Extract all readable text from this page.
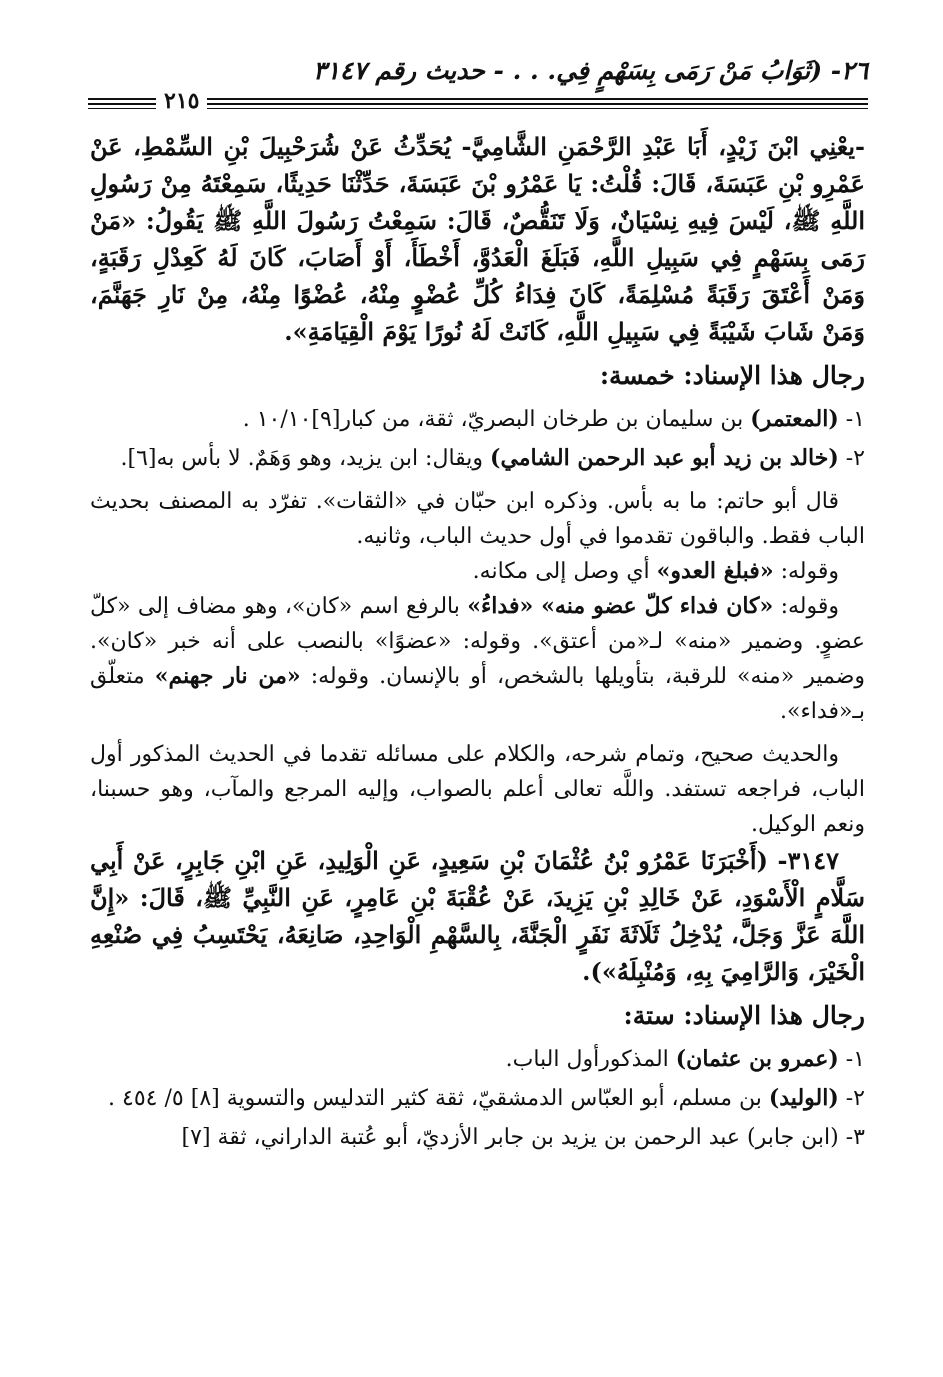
٢٦- (ثَوَابُ مَنْ رَمَى بِسَهْمٍ فِي. . . - حديث رقم ٣١٤٧
٢١٥

-يعْنِي ابْنَ زَيْدٍ، أَبَا عَبْدِ الرَّحْمَنِ الشَّامِيَّ- يُحَدِّثُ عَنْ شُرَحْبِيلَ بْنِ السِّمْطِ، عَنْ عَمْرِو بْنِ عَبَسَةَ، قَالَ: قُلْتُ: يَا عَمْرُو بْنَ عَبَسَةَ، حَدِّثْنَا حَدِيثًا، سَمِعْتَهُ مِنْ رَسُولِ اللَّهِ ﷺ، لَيْسَ فِيهِ نِسْيَانٌ، وَلَا تَنَقُّصٌ، قَالَ: سَمِعْتُ رَسُولَ اللَّهِ ﷺ يَقُولُ: «مَنْ رَمَى بِسَهْمٍ فِي سَبِيلِ اللَّهِ، فَبَلَغَ الْعَدُوَّ، أَخْطَأَ، أَوْ أَصَابَ، كَانَ لَهُ كَعِدْلِ رَقَبَةٍ، وَمَنْ أَعْتَقَ رَقَبَةً مُسْلِمَةً، كَانَ فِدَاءُ كُلِّ عُضْوٍ مِنْهُ، عُضْوًا مِنْهُ، مِنْ نَارِ جَهَنَّمَ، وَمَنْ شَابَ شَيْبَةً فِي سَبِيلِ اللَّهِ، كَانَتْ لَهُ نُورًا يَوْمَ الْقِيَامَةِ».

رجال هذا الإسناد: خمسة:

١- (المعتمر) بن سليمان بن طرخان البصريّ، ثقة، من كبار[٩]١٠/١٠ .

٢- (خالد بن زيد أبو عبد الرحمن الشامي) ويقال: ابن يزيد، وهو وَهَمٌ. لا بأس به[٦].

قال أبو حاتم: ما به بأس. وذكره ابن حبّان في «الثقات». تفرّد به المصنف بحديث الباب فقط. والباقون تقدموا في أول حديث الباب، وثانيه.

وقوله: «فبلغ العدو» أي وصل إلى مكانه.

وقوله: «كان فداء كلّ عضو منه» «فداءُ» بالرفع اسم «كان»، وهو مضاف إلى «كلّ عضوٍ. وضمير «منه» لـ«من أعتق». وقوله: «عضوًا» بالنصب على أنه خبر «كان». وضمير «منه» للرقبة، بتأويلها بالشخص، أو بالإنسان. وقوله: «من نار جهنم» متعلّق بـ«فداء».

والحديث صحيح، وتمام شرحه، والكلام على مسائله تقدما في الحديث المذكور أول الباب، فراجعه تستفد. واللَّه تعالى أعلم بالصواب، وإليه المرجع والمآب، وهو حسبنا، ونعم الوكيل.

٣١٤٧- (أَخْبَرَنَا عَمْرُو بْنُ عُثْمَانَ بْنِ سَعِيدٍ، عَنِ الْوَلِيدِ، عَنِ ابْنِ جَابِرٍ، عَنْ أَبِي سَلَّامٍ الْأَسْوَدِ، عَنْ خَالِدِ بْنِ يَزِيدَ، عَنْ عُقْبَةَ بْنِ عَامِرٍ، عَنِ النَّبِيِّ ﷺ، قَالَ: «إِنَّ اللَّهَ عَزَّ وَجَلَّ، يُدْخِلُ ثَلَاثَةَ نَفَرٍ الْجَنَّةَ، بِالسَّهْمِ الْوَاحِدِ، صَانِعَهُ، يَحْتَسِبُ فِي صُنْعِهِ الْخَيْرَ، وَالرَّامِيَ بِهِ، وَمُنْبِلَهُ»).

رجال هذا الإسناد: ستة:

١- (عمرو بن عثمان) المذكورأول الباب.

٢- (الوليد) بن مسلم، أبو العبّاس الدمشقيّ، ثقة كثير التدليس والتسوية [٨] ٥/ ٤٥٤ .

٣- (ابن جابر) عبد الرحمن بن يزيد بن جابر الأزديّ، أبو عُتبة الداراني، ثقة [٧]
